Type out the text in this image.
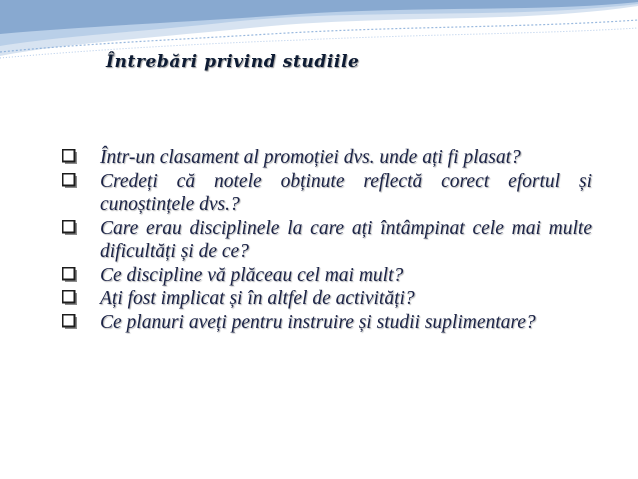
Întrebări privind studiile
Într-un clasament al promoției dvs. unde ați fi plasat?
Credeți că notele obținute reflectă corect efortul și cunoștințele dvs.?
Care erau disciplinele la care ați întâmpinat cele mai multe dificultăți și de ce?
Ce discipline vă plăceau cel mai mult?
Ați fost implicat și în altfel de activități?
Ce planuri aveți pentru instruire și studii suplimentare?
